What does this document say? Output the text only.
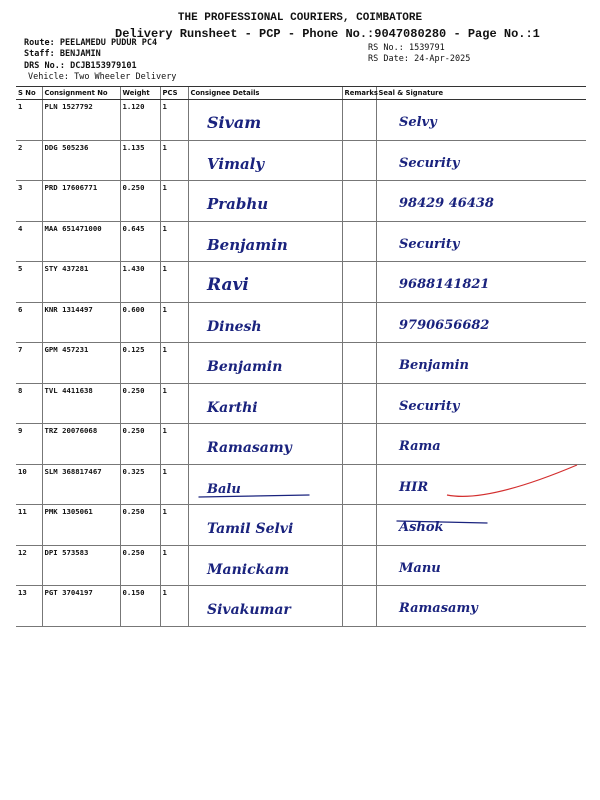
THE PROFESSIONAL COURIERS, COIMBATORE
Delivery Runsheet - PCP - Phone No.:9047080280 - Page No.:1
Route: PEELAMEDU PUDUR PC4
Staff: BENJAMIN
DRS No.: DCJB153979101
Vehicle: Two Wheeler Delivery
RS No.: 1539791
RS Date: 24-Apr-2025
S No	Consignment No	Weight	PCS	Consignee Details	Remarks	Seal & Signature
1	PLN 1527792	1.120	1	Sivam		Selvy

2	DDG 505236	1.135	1	Vimaly		Security

3	PRD 17606771	0.250	1	Prabhu		98429 46438

4	MAA 651471000	0.645	1	Benjamin		Security

5	STY 437281	1.430	1	Ravi		9688141821

6	KNR 1314497	0.600	1	Dinesh		9790656682

7	GPM 457231	0.125	1	Benjamin		Benjamin

8	TVL 4411638	0.250	1	Karthi		Security

9	TRZ 20076068	0.250	1	Ramasamy		Rama

10	SLM 368817467	0.325	1	Balu		HIR

11	PMK 1305061	0.250	1	Tamil Selvi		Ashok

12	DPI 573583	0.250	1	Manickam		Manu

13	PGT 3704197	0.150	1	Sivakumar		Ramasamy
